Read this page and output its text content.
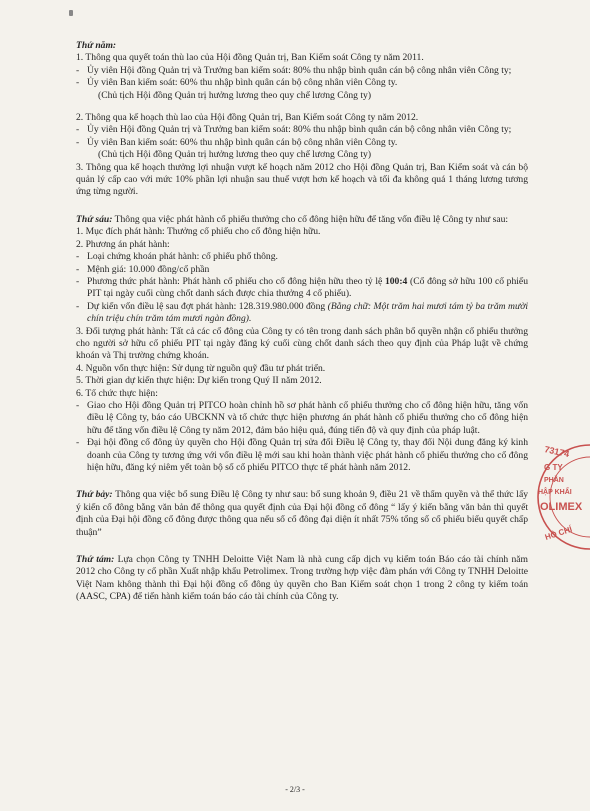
Thứ năm:

1. Thông qua quyết toán thù lao của Hội đồng Quản trị, Ban Kiểm soát Công ty năm 2011.

- Ủy viên Hội đồng Quản trị và Trưởng ban kiểm soát: 80% thu nhập bình quân cán bộ công nhân viên Công ty;

- Ủy viên Ban kiểm soát: 60% thu nhập bình quân cán bộ công nhân viên Công ty.

(Chủ tịch Hội đồng Quản trị hưởng lương theo quy chế lương Công ty)

2. Thông qua kế hoạch thù lao của Hội đồng Quản trị, Ban Kiểm soát Công ty năm 2012.

- Ủy viên Hội đồng Quản trị và Trưởng ban kiểm soát: 80% thu nhập bình quân cán bộ công nhân viên Công ty;

- Ủy viên Ban kiểm soát: 60% thu nhập bình quân cán bộ công nhân viên Công ty.

(Chủ tịch Hội đồng Quản trị hưởng lương theo quy chế lương Công ty)

3. Thông qua kế hoạch thưởng lợi nhuận vượt kế hoạch năm 2012 cho Hội đồng Quản trị, Ban Kiểm soát và cán bộ quản lý cấp cao với mức 10% phần lợi nhuận sau thuế vượt hơn kế hoạch và tối đa không quá 1 tháng lương tương ứng từng người.

Thứ sáu: Thông qua việc phát hành cổ phiếu thưởng cho cổ đông hiện hữu để tăng vốn điều lệ Công ty như sau:

1. Mục đích phát hành: Thưởng cổ phiếu cho cổ đông hiện hữu.

2. Phương án phát hành:

- Loại chứng khoán phát hành: cổ phiếu phổ thông.

- Mệnh giá: 10.000 đồng/cổ phần

- Phương thức phát hành: Phát hành cổ phiếu cho cổ đông hiện hữu theo tỷ lệ 100:4 (Cổ đông sở hữu 100 cổ phiếu PIT tại ngày cuối cùng chốt danh sách được chia thưởng 4 cổ phiếu).

- Dự kiến vốn điều lệ sau đợt phát hành: 128.319.980.000 đồng (Bằng chữ: Một trăm hai mươi tám tỷ ba trăm mười chín triệu chín trăm tám mươi ngàn đồng).

3. Đối tượng phát hành: Tất cả các cổ đông của Công ty có tên trong danh sách phân bổ quyền nhận cổ phiếu thưởng cho người sở hữu cổ phiếu PIT tại ngày đăng ký cuối cùng chốt danh sách theo quy định của Pháp luật về chứng khoán và Thị trường chứng khoán.

4. Nguồn vốn thực hiện: Sử dụng từ nguồn quỹ đầu tư phát triển.

5. Thời gian dự kiến thực hiện: Dự kiến trong Quý II năm 2012.

6. Tổ chức thực hiện:

- Giao cho Hội đồng Quản trị PITCO hoàn chỉnh hồ sơ phát hành cổ phiếu thưởng cho cổ đông hiện hữu, tăng vốn điều lệ Công ty, báo cáo UBCKNN và tổ chức thực hiện phương án phát hành cổ phiếu thưởng cho cổ đông hiện hữu để tăng vốn điều lệ Công ty năm 2012, đảm bảo hiệu quả, đúng tiến độ và quy định của pháp luật.

- Đại hội đồng cổ đông ủy quyền cho Hội đồng Quản trị sửa đổi Điều lệ Công ty, thay đổi Nội dung đăng ký kinh doanh của Công ty tương ứng với vốn điều lệ mới sau khi hoàn thành việc phát hành cổ phiếu thưởng cho cổ đông hiện hữu, đăng ký niêm yết toàn bộ số cổ phiếu PITCO thực tế phát hành năm 2012.

Thứ bảy: Thông qua việc bổ sung Điều lệ Công ty như sau: bổ sung khoản 9, điều 21 về thẩm quyền và thể thức lấy ý kiến cổ đông bằng văn bản để thông qua quyết định của Đại hội đồng cổ đông “ lấy ý kiến bằng văn bản thì quyết định của Đại hội đồng cổ đông được thông qua nếu số cổ đông đại diện ít nhất 75% tổng số cổ phiếu biểu quyết chấp thuận”

Thứ tám: Lựa chọn Công ty TNHH Deloitte Việt Nam là nhà cung cấp dịch vụ kiểm toán Báo cáo tài chính năm 2012 cho Công ty cổ phần Xuất nhập khẩu Petrolimex. Trong trường hợp việc đàm phán với Công ty TNHH Deloitte Việt Nam không thành thì Đại hội đồng cổ đông ủy quyền cho Ban Kiểm soát chọn 1 trong 2 công ty kiểm toán (AASC, CPA) để tiến hành kiểm toán báo cáo tài chính của Công ty.

- 2/3 -
73174
G TY
PHẦN
HẬP KHẨI
OLIMEX
HỒ CHÍ
